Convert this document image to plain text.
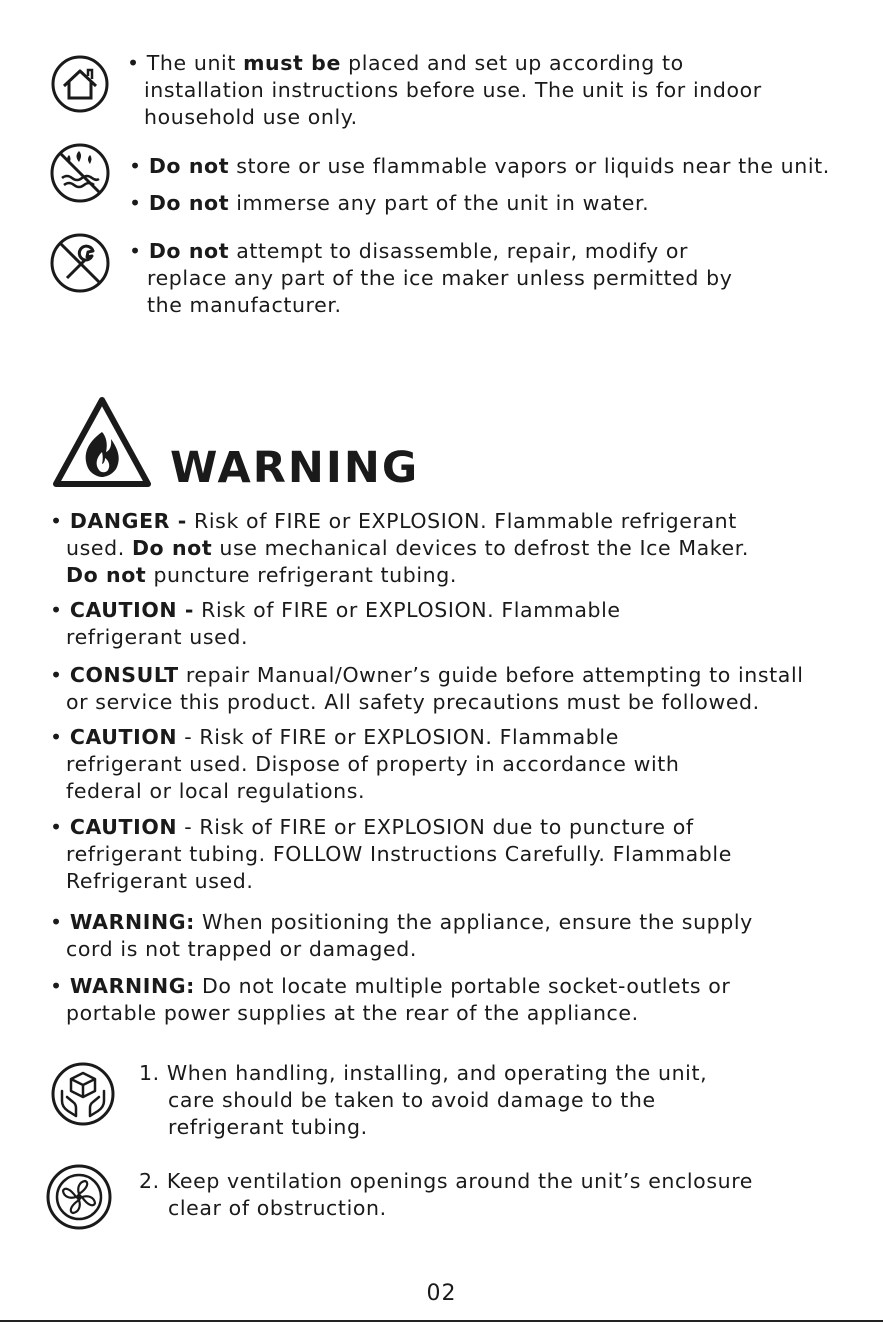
• The unit must be placed and set up according to
installation instructions before use. The unit is for indoor
household use only.
• Do not store or use flammable vapors or liquids near the unit.
• Do not immerse any part of the unit in water.
• Do not attempt to disassemble, repair, modify or
replace any part of the ice maker unless permitted by
the manufacturer.
WARNING
• DANGER - Risk of FIRE or EXPLOSION. Flammable refrigerant
used. Do not use mechanical devices to defrost the Ice Maker.
Do not puncture refrigerant tubing.
• CAUTION - Risk of FIRE or EXPLOSION. Flammable
refrigerant used.
• CONSULT repair Manual/Owner’s guide before attempting to install
or service this product. All safety precautions must be followed.
• CAUTION - Risk of FIRE or EXPLOSION. Flammable
refrigerant used. Dispose of property in accordance with
federal or local regulations.
• CAUTION - Risk of FIRE or EXPLOSION due to puncture of
refrigerant tubing. FOLLOW Instructions Carefully. Flammable
Refrigerant used.
• WARNING: When positioning the appliance, ensure the supply
cord is not trapped or damaged.
• WARNING: Do not locate multiple portable socket-outlets or
portable power supplies at the rear of the appliance.
1. When handling, installing, and operating the unit,
care should be taken to avoid damage to the
refrigerant tubing.
2. Keep ventilation openings around the unit’s enclosure
clear of obstruction.
02
